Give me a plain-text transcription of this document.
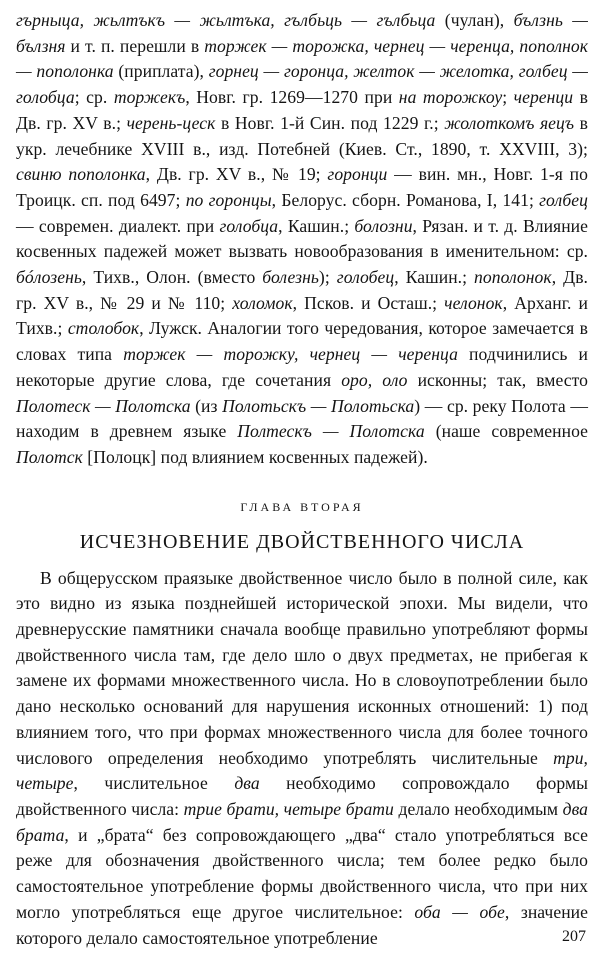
гърныца, жьлтъкъ — жьлтъка, гълбьць — гълбьца (чулан), бълзнь — бълзня и т. п. перешли в торжек — торожка, чернец — черенца, пополнок — пополонка (приплата), горнец — горонца, желток — желотка, голбец — голобца; ср. торжекъ, Новг. гр. 1269—1270 при на торожкоу; черенци в Дв. гр. XV в.; черень-цеск в Новг. 1-й Син. под 1229 г.; жолоткомъ яецъ в укр. лечебнике XVIII в., изд. Потебней (Киев. Ст., 1890, т. XXVIII, 3); свиню пополонка, Дв. гр. XV в., № 19; горонци — вин. мн., Новг. 1-я по Троицк. сп. под 6497; по горонцы, Белорус. сборн. Романова, I, 141; голбец — современ. диалект. при голобца, Кашин.; болозни, Рязан. и т. д. Влияние косвенных падежей может вызвать новообразования в именительном: ср. бóлозень, Тихв., Олон. (вместо болезнь); голобец, Кашин.; пополонок, Дв. гр. XV в., № 29 и № 110; холомок, Псков. и Осташ.; челонок, Арханг. и Тихв.; столобок, Лужск. Аналогии того чередования, которое замечается в словах типа торжек — торожку, чернец — черенца подчинились и некоторые другие слова, где сочетания оро, оло исконны; так, вместо Полотеск — Полотска (из Полотьскъ — Полотьска) — ср. реку Полота — находим в древнем языке Полтескъ — Полотска (наше современное Полотск [Полоцк] под влиянием косвенных падежей).

ГЛАВА ВТОРАЯ
ИСЧЕЗНОВЕНИЕ ДВОЙСТВЕННОГО ЧИСЛА

В общерусском праязыке двойственное число было в полной силе, как это видно из языка позднейшей исторической эпохи. Мы видели, что древнерусские памятники сначала вообще правильно употребляют формы двойственного числа там, где дело шло о двух предметах, не прибегая к замене их формами множественного числа. Но в словоупотреблении было дано несколько оснований для нарушения исконных отношений: 1) под влиянием того, что при формах множественного числа для более точного числового определения необходимо употреблять числительные три, четыре, числительное два необходимо сопровождало формы двойственного числа: трие брати, четыре брати делало необходимым два брата, и „брата“ без сопровождающего „два“ стало употребляться все реже для обозначения двойственного числа; тем более редко было самостоятельное употребление формы двойственного числа, что при них могло употребляться еще другое числительное: оба — обе, значение которого делало самостоятельное употребление	207
